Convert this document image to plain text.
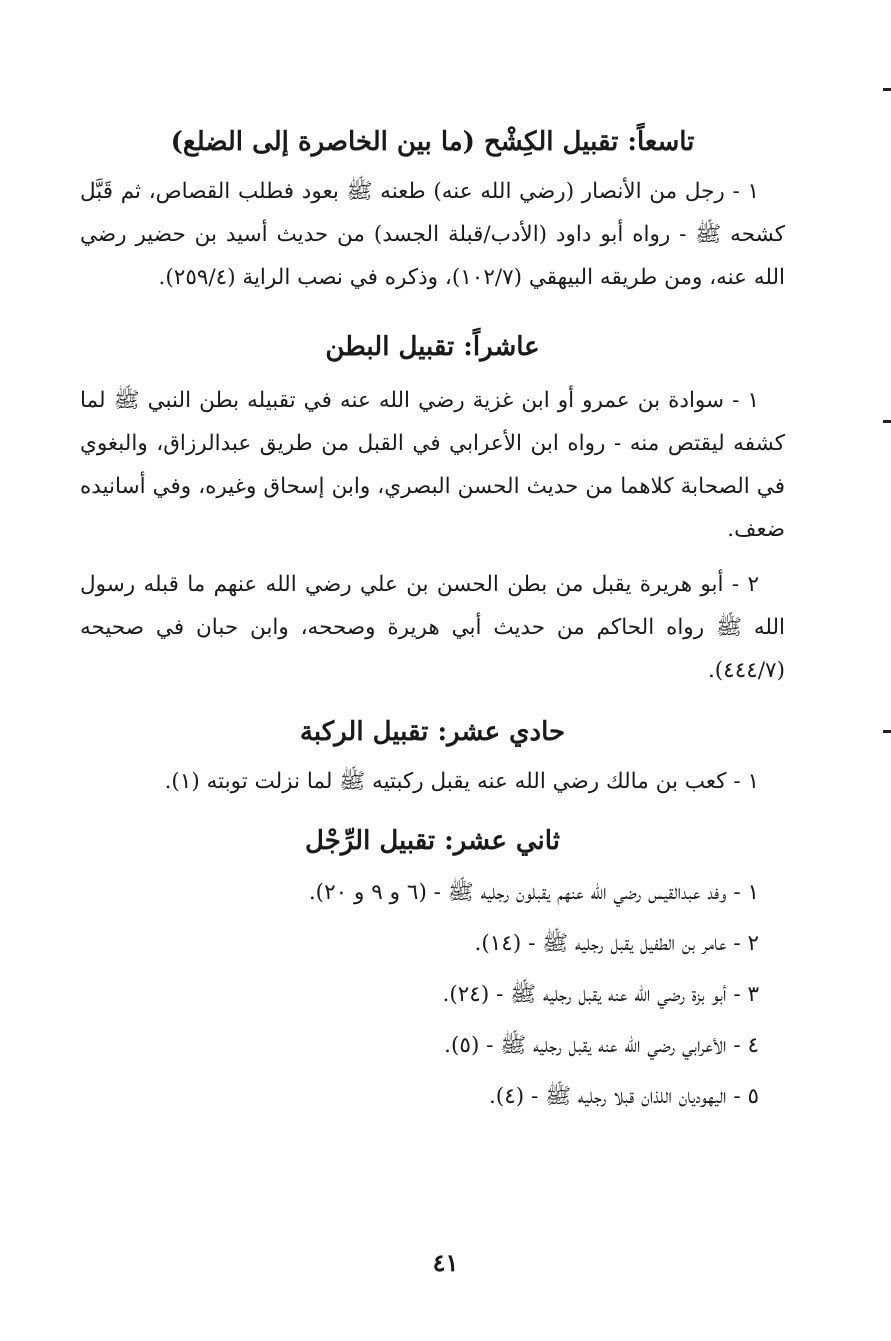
تاسعاً: تقبيل الكِشْح (ما بين الخاصرة إلى الضلع)

١ - رجل من الأنصار (رضي الله عنه) طعنه ﷺ بعود فطلب القصاص، ثم قَبَّل كشحه ﷺ - رواه أبو داود (الأدب/قبلة الجسد) من حديث أسيد بن حضير رضي الله عنه، ومن طريقه البيهقي (١٠٢/٧)، وذكره في نصب الراية (٢٥٩/٤).

عاشراً: تقبيل البطن

١ - سوادة بن عمرو أو ابن غزية رضي الله عنه في تقبيله بطن النبي ﷺ لما كشفه ليقتص منه - رواه ابن الأعرابي في القبل من طريق عبدالرزاق، والبغوي في الصحابة كلاهما من حديث الحسن البصري، وابن إسحاق وغيره، وفي أسانيده ضعف.

٢ - أبو هريرة يقبل من بطن الحسن بن علي رضي الله عنهم ما قبله رسول الله ﷺ رواه الحاكم من حديث أبي هريرة وصححه، وابن حبان في صحيحه (٤٤٤/٧).

حادي عشر: تقبيل الركبة

١ - كعب بن مالك رضي الله عنه يقبل ركبتيه ﷺ لما نزلت توبته (١).

ثاني عشر: تقبيل الرِّجْل

١ - وفد عبدالقيس رضي الله عنهم يقبلون رجليه ﷺ - (٦ و ٩ و ٢٠).

٢ - عامر بن الطفيل يقبل رجليه ﷺ - (١٤).

٣ - أبو بزة رضي الله عنه يقبل رجليه ﷺ - (٢٤).

٤ - الأعرابي رضي الله عنه يقبل رجليه ﷺ - (٥).

٥ - اليهوديان اللذان قبلا رجليه ﷺ - (٤).

٤١
